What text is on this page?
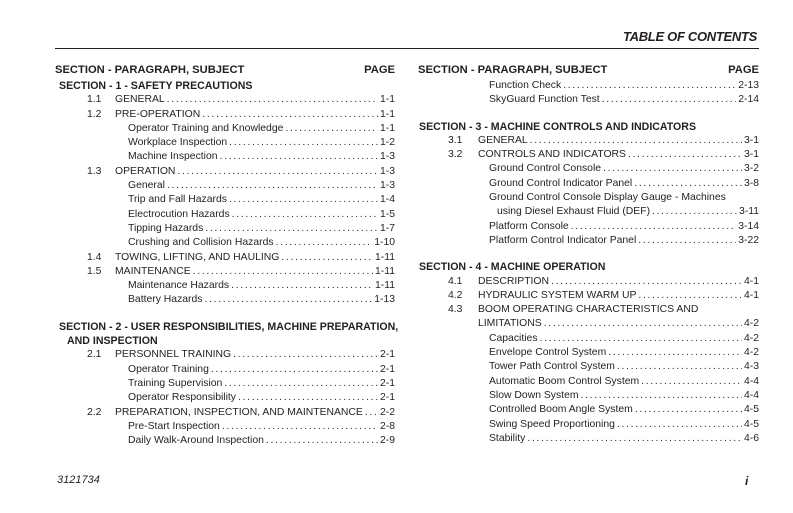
TABLE OF CONTENTS
SECTION - PARAGRAPH, SUBJECT	PAGE
SECTION - 1 - SAFETY PRECAUTIONS
1.1 GENERAL . . .	1-1
1.2 PRE-OPERATION . . .	1-1
Operator Training and Knowledge . . .	1-1
Workplace Inspection . . .	1-2
Machine Inspection . . .	1-3
1.3 OPERATION . . .	1-3
General . . .	1-3
Trip and Fall Hazards . . .	1-4
Electrocution Hazards . . .	1-5
Tipping Hazards . . .	1-7
Crushing and Collision Hazards . . .	1-10
1.4 TOWING, LIFTING, AND HAULING . . .	1-11
1.5 MAINTENANCE . . .	1-11
Maintenance Hazards . . .	1-11
Battery Hazards . . .	1-13
SECTION - 2 - USER RESPONSIBILITIES, MACHINE PREPARATION,
AND INSPECTION
2.1 PERSONNEL TRAINING . . .	2-1
Operator Training . . .	2-1
Training Supervision . . .	2-1
Operator Responsibility . . .	2-1
2.2 PREPARATION, INSPECTION, AND MAINTENANCE . . . 2-2
Pre-Start Inspection . . .	2-8
Daily Walk-Around Inspection . . .	2-9
SECTION - PARAGRAPH, SUBJECT	PAGE
Function Check . . .	2-13
SkyGuard Function Test . . .	2-14
SECTION - 3 - MACHINE CONTROLS AND INDICATORS
3.1 GENERAL . . .	3-1
3.2 CONTROLS AND INDICATORS . . .	3-1
Ground Control Console . . .	3-2
Ground Control Indicator Panel . . .	3-8
Ground Control Console Display Gauge - Machines
using Diesel Exhaust Fluid (DEF) . . .	3-11
Platform Console . . .	3-14
Platform Control Indicator Panel . . .	3-22
SECTION - 4 - MACHINE OPERATION
4.1 DESCRIPTION . . .	4-1
4.2 HYDRAULIC SYSTEM WARM UP . . .	4-1
4.3 BOOM OPERATING CHARACTERISTICS AND
LIMITATIONS . . .	4-2
Capacities . . .	4-2
Envelope Control System . . .	4-2
Tower Path Control System . . .	4-3
Automatic Boom Control System . . .	4-4
Slow Down System . . .	4-4
Controlled Boom Angle System . . .	4-5
Swing Speed Proportioning . . .	4-5
Stability . . .	4-6
3121734	i
